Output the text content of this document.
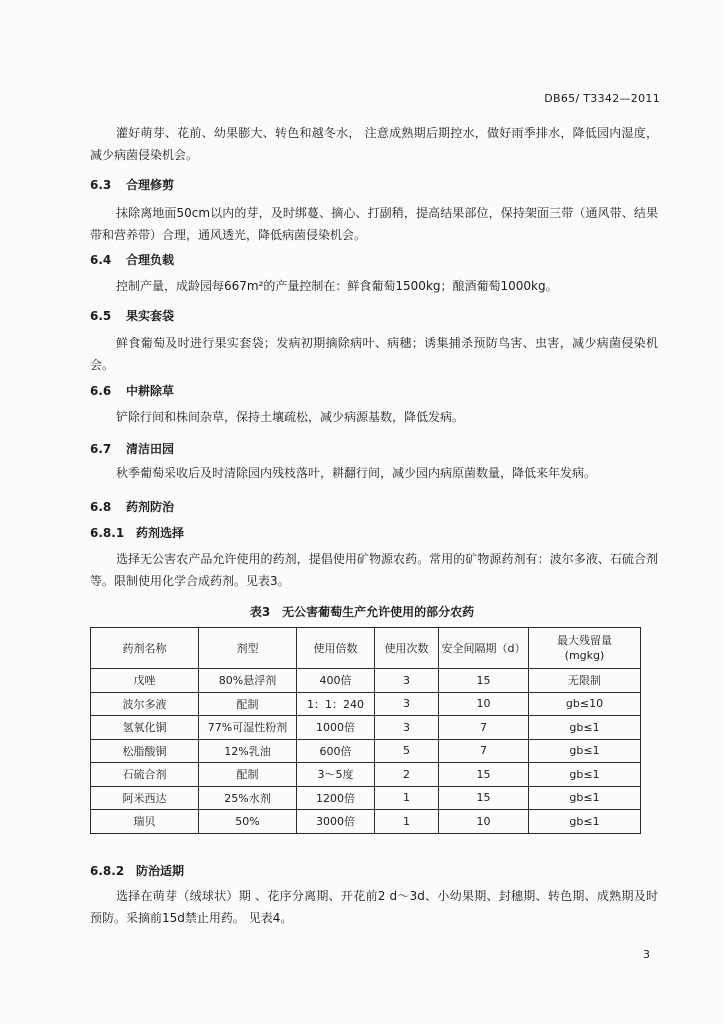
DB65/ T3342—2011

灌好萌芽、花前、幼果膨大、转色和越冬水， 注意成熟期后期控水，做好雨季排水，降低园内湿度，减少病菌侵染机会。

6.3 合理修剪

抹除离地面50cm以内的芽，及时绑蔓、摘心、打副稍，提高结果部位，保持架面三带（通风带、结果带和营养带）合理，通风透光，降低病菌侵染机会。

6.4 合理负载

控制产量，成龄园每667m²的产量控制在：鲜食葡萄1500kg；酿酒葡萄1000kg。

6.5 果实套袋

鲜食葡萄及时进行果实套袋；发病初期摘除病叶、病穗；诱集捕杀预防鸟害、虫害，减少病菌侵染机会。

6.6 中耕除草

铲除行间和株间杂草，保持土壤疏松，减少病源基数，降低发病。

6.7 清洁田园

秋季葡萄采收后及时清除园内残枝落叶，耕翻行间，减少园内病原菌数量，降低来年发病。

6.8 药剂防治
6.8.1 药剂选择

选择无公害农产品允许使用的药剂，提倡使用矿物源农药。常用的矿物源药剂有：波尔多液、石硫合剂等。限制使用化学合成药剂。见表3。

表3　无公害葡萄生产允许使用的部分农药
药剂名称	剂型	使用倍数	使用次数	安全间隔期（d）	最大残留量
(mgkg)

戊唑	80%悬浮剂	400倍	3	15	无限制
波尔多液	配制	1：1：240	3	10	gb≤10
氢氧化铜	77%可湿性粉剂	1000倍	3	7	gb≤1
松脂酸铜	12%乳油	600倍	5	7	gb≤1
石硫合剂	配制	3～5度	2	15	gb≤1
阿米西达	25%水剂	1200倍	1	15	gb≤1
瑞贝	50%	3000倍	1	10	gb≤1
6.8.2 防治适期

选择在萌芽（绒球状）期 、花序分离期、开花前2 d～3d、小幼果期、封穗期、转色期、成熟期及时预防。采摘前15d禁止用药。 见表4。

3
